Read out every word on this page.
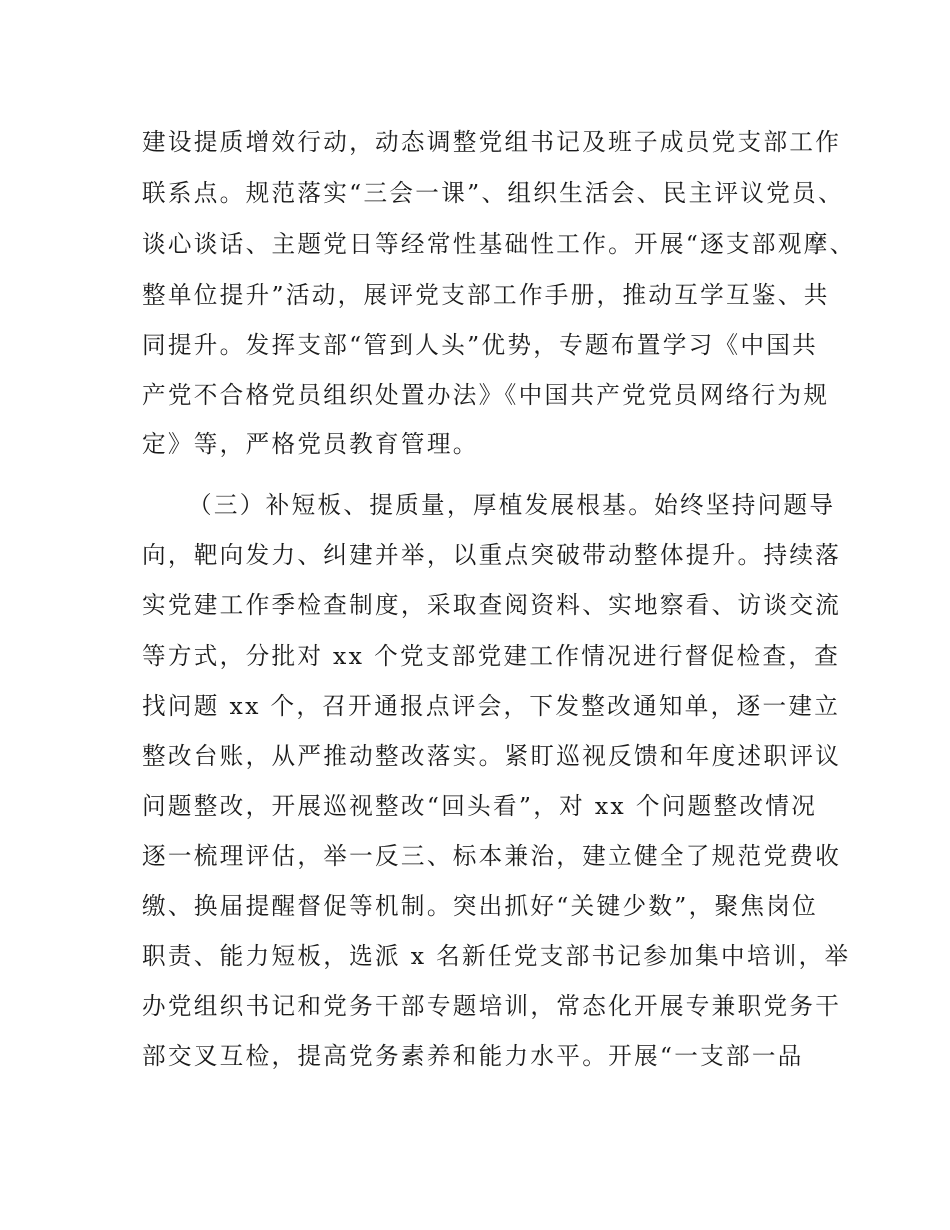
建设提质增效行动，动态调整党组书记及班子成员党支部工作
联系点。规范落实“三会一课”、组织生活会、民主评议党员、
谈心谈话、主题党日等经常性基础性工作。开展“逐支部观摩、
整单位提升”活动，展评党支部工作手册，推动互学互鉴、共
同提升。发挥支部“管到人头”优势，专题布置学习《中国共
产党不合格党员组织处置办法》《中国共产党党员网络行为规
定》等，严格党员教育管理。
（三）补短板、提质量，厚植发展根基。始终坚持问题导
向，靶向发力、纠建并举，以重点突破带动整体提升。持续落
实党建工作季检查制度，采取查阅资料、实地察看、访谈交流
等方式，分批对 xx 个党支部党建工作情况进行督促检查，查
找问题 xx 个，召开通报点评会，下发整改通知单，逐一建立
整改台账，从严推动整改落实。紧盯巡视反馈和年度述职评议
问题整改，开展巡视整改“回头看”，对 xx 个问题整改情况
逐一梳理评估，举一反三、标本兼治，建立健全了规范党费收
缴、换届提醒督促等机制。突出抓好“关键少数”，聚焦岗位
职责、能力短板，选派 x 名新任党支部书记参加集中培训，举
办党组织书记和党务干部专题培训，常态化开展专兼职党务干
部交叉互检，提高党务素养和能力水平。开展“一支部一品
